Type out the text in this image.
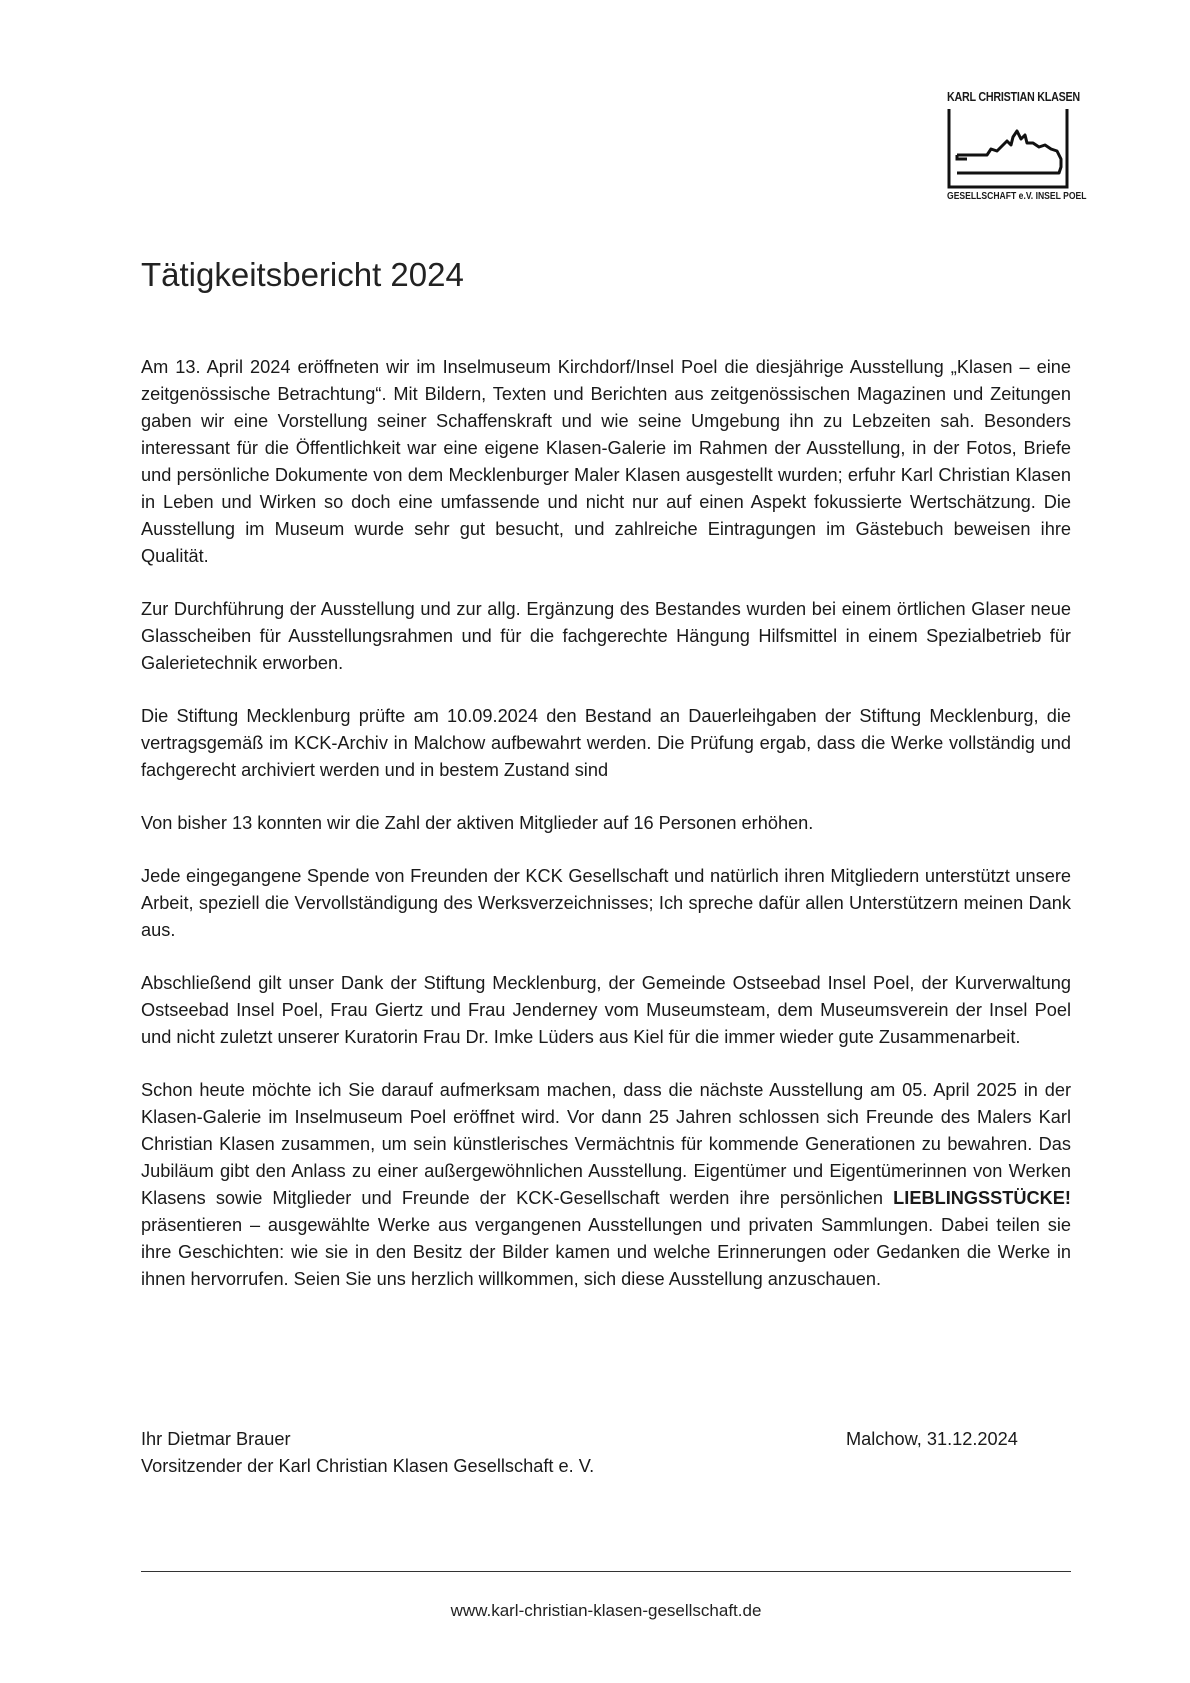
KARL CHRISTIAN KLASEN
GESELLSCHAFT e.V. INSEL POEL
Tätigkeitsbericht 2024

Am 13. April 2024 eröffneten wir im Inselmuseum Kirchdorf/Insel Poel die diesjährige Ausstellung „Klasen – eine zeitgenössische Betrachtung“. Mit Bildern, Texten und Berichten aus zeitgenössischen Magazinen und Zeitungen gaben wir eine Vorstellung seiner Schaffenskraft und wie seine Umgebung ihn zu Lebzeiten sah. Besonders interessant für die Öffentlichkeit war eine eigene Klasen-Galerie im Rahmen der Ausstellung, in der Fotos, Briefe und persönliche Dokumente von dem Mecklenburger Maler Klasen ausgestellt wurden; erfuhr Karl Christian Klasen in Leben und Wirken so doch eine umfassende und nicht nur auf einen Aspekt fokussierte Wertschätzung. Die Ausstellung im Museum wurde sehr gut besucht, und zahlreiche Eintragungen im Gästebuch beweisen ihre Qualität.

Zur Durchführung der Ausstellung und zur allg. Ergänzung des Bestandes wurden bei einem örtlichen Glaser neue Glasscheiben für Ausstellungsrahmen und für die fachgerechte Hängung Hilfsmittel in einem Spezialbetrieb für Galerietechnik erworben.

Die Stiftung Mecklenburg prüfte am 10.09.2024 den Bestand an Dauerleihgaben der Stiftung Mecklenburg, die vertragsgemäß im KCK-Archiv in Malchow aufbewahrt werden. Die Prüfung ergab, dass die Werke vollständig und fachgerecht archiviert werden und in bestem Zustand sind

Von bisher 13 konnten wir die Zahl der aktiven Mitglieder auf 16 Personen erhöhen.

Jede eingegangene Spende von Freunden der KCK Gesellschaft und natürlich ihren Mitgliedern unterstützt unsere Arbeit, speziell die Vervollständigung des Werksverzeichnisses; Ich spreche dafür allen Unterstützern meinen Dank aus.

Abschließend gilt unser Dank der Stiftung Mecklenburg, der Gemeinde Ostseebad Insel Poel, der Kurverwaltung Ostseebad Insel Poel, Frau Giertz und Frau Jenderney vom Museumsteam, dem Museumsverein der Insel Poel und nicht zuletzt unserer Kuratorin Frau Dr. Imke Lüders aus Kiel für die immer wieder gute Zusammenarbeit.

Schon heute möchte ich Sie darauf aufmerksam machen, dass die nächste Ausstellung am 05. April 2025 in der Klasen-Galerie im Inselmuseum Poel eröffnet wird. Vor dann 25 Jahren schlossen sich Freunde des Malers Karl Christian Klasen zusammen, um sein künstlerisches Vermächtnis für kommende Generationen zu bewahren. Das Jubiläum gibt den Anlass zu einer außergewöhnlichen Ausstellung. Eigentümer und Eigentümerinnen von Werken Klasens sowie Mitglieder und Freunde der KCK-Gesellschaft werden ihre persönlichen LIEBLINGSSTÜCKE! präsentieren – ausgewählte Werke aus vergangenen Ausstellungen und privaten Sammlungen. Dabei teilen sie ihre Geschichten: wie sie in den Besitz der Bilder kamen und welche Erinnerungen oder Gedanken die Werke in ihnen hervorrufen. Seien Sie uns herzlich willkommen, sich diese Ausstellung anzuschauen.

Ihr Dietmar Brauer
Vorsitzender der Karl Christian Klasen Gesellschaft e. V.
Malchow, 31.12.2024
www.karl-christian-klasen-gesellschaft.de
